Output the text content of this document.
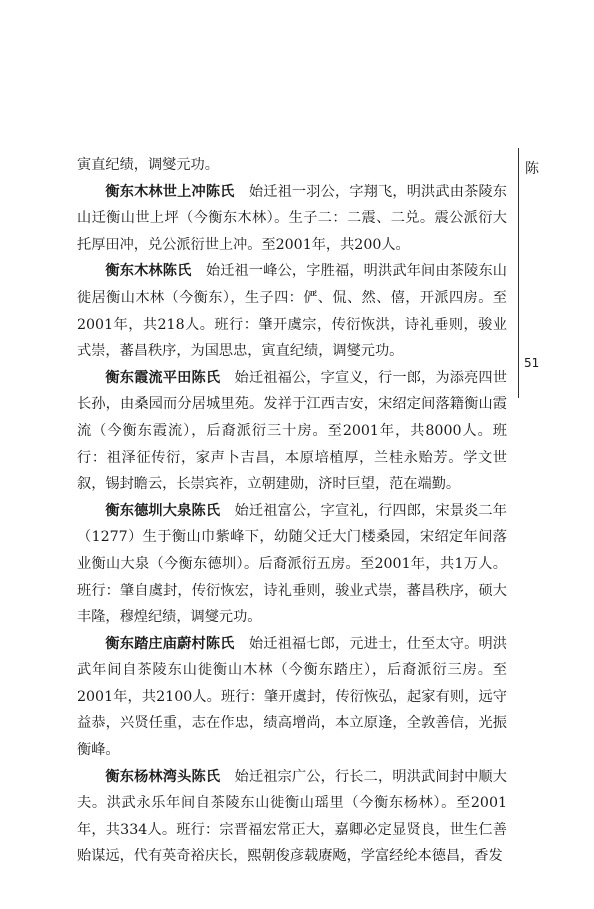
陈
51

寅直纪绩，调燮元功。

衡东木林世上冲陈氏　 始迁祖一羽公，字翔飞，明洪武由茶陵东山迁衡山世上坪（今衡东木林）。生子二：二震、二兑。震公派衍大托厚田冲，兑公派衍世上冲。至2001年，共200人。

衡东木林陈氏　 始迁祖一峰公，字胜福，明洪武年间由茶陵东山徙居衡山木林（今衡东），生子四：俨、侃、然、僖，开派四房。至2001年，共218人。班行：肇开虞宗，传衍恢洪，诗礼垂则，骏业式崇，蕃昌秩序，为国思忠，寅直纪绩，调燮元功。

衡东霞流平田陈氏　 始迁祖福公，字宣义，行一郎，为添亮四世长孙，由桑园而分居城里苑。发祥于江西吉安，宋绍定间落籍衡山霞流（今衡东霞流），后裔派衍三十房。至2001年，共8000人。班行：祖泽征传衍，家声卜吉昌，本原培植厚，兰桂永贻芳。学文世叙，锡封瞻云，长崇宾祚，立朝建勋，济时巨望，范在端勤。

衡东德圳大泉陈氏　 始迁祖富公，字宣礼，行四郎，宋景炎二年（1277）生于衡山巾紫峰下，幼随父迁大门楼桑园，宋绍定年间落业衡山大泉（今衡东德圳）。后裔派衍五房。至2001年，共1万人。班行：肇自虞封，传衍恢宏，诗礼垂则，骏业式崇，蕃昌秩序，硕大丰隆，穆煌纪绩，调燮元功。

衡东踏庄庙蔚村陈氏　 始迁祖福七郎，元进士，仕至太守。明洪武年间自茶陵东山徙衡山木林（今衡东踏庄），后裔派衍三房。至2001年，共2100人。班行：肇开虞封，传衍恢弘，起家有则，远守益恭，兴贤任重，志在作忠，绩高增尚，本立原逢，全敦善信，光振衡峰。

衡东杨林湾头陈氏　 始迁祖宗广公，行长二，明洪武间封中顺大夫。洪武永乐年间自茶陵东山徙衡山瑶里（今衡东杨林）。至2001年，共334人。班行：宗晋福宏常正大，嘉卿必定显贤良，世生仁善贻谋远，代有英奇裕庆长，熙朝俊彦载赓飏，学富经纶本德昌，香发
